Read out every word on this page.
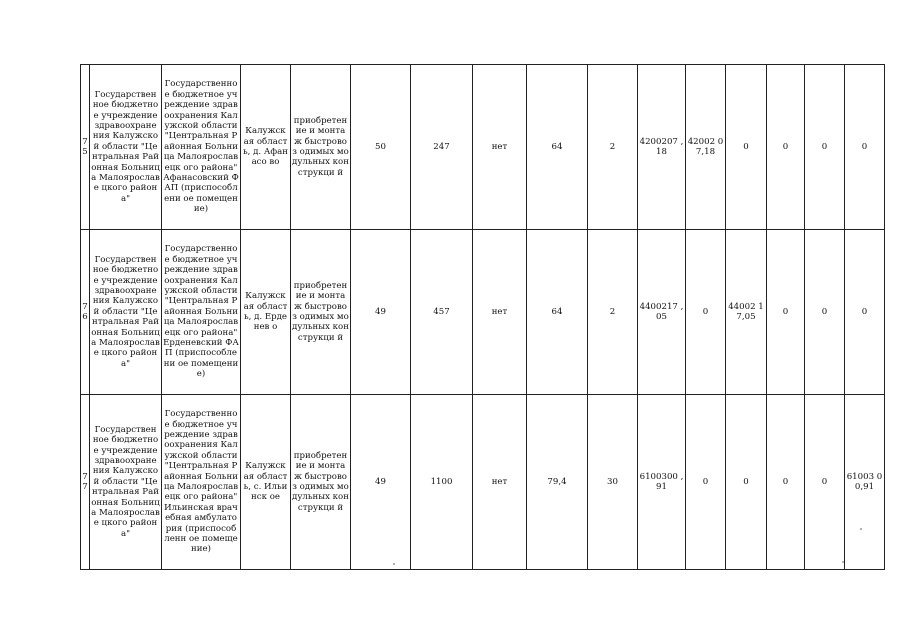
7
5	Государствен ное бюджетное учреждение здравоохране ния Калужской области "Центральная Районная Больница Малоярославе цкого района"	Государственное бюджетное учреждение здравоохранения Калужской области "Центральная Районная Больница Малоярославецк ого района" Афанасовский ФАП (приспособлени ое помещение)	Калужск ая область, д. Афанасо во	приобретен ие и монтаж быстровоз одимых модульных конструкци й	50	247	нет	64	2	4200207 ,18	42002 07,18	0	0	0	0

7
6	Государствен ное бюджетное учреждение здравоохране ния Калужской области "Центральная Районная Больница Малоярославе цкого района"	Государственное бюджетное учреждение здравоохранения Калужской области "Центральная Районная Больница Малоярославецк ого района" Ерденевский ФАП (приспособлени ое помещение)	Калужск ая область, д. Ерденев о	приобретен ие и монтаж быстровоз одимых модульных конструкци й	49	457	нет	64	2	4400217 ,05	0	44002 17,05	0	0	0

7
7	Государствен ное бюджетное учреждение здравоохране ния Калужской области "Центральная Районная Больница Малоярославе цкого района"	Государственное бюджетное учреждение здравоохранения Калужской области "Центральная Районная Больница Малоярославецк ого района" Ильинская врачебная амбулатория (приспособленн ое помещение)	Калужск ая область, с. Ильинск ое	приобретен ие и монтаж быстровоз одимых модульных конструкци й	49	1100	нет	79,4	30	6100300 ,91	0	0	0	0	61003 00,91
